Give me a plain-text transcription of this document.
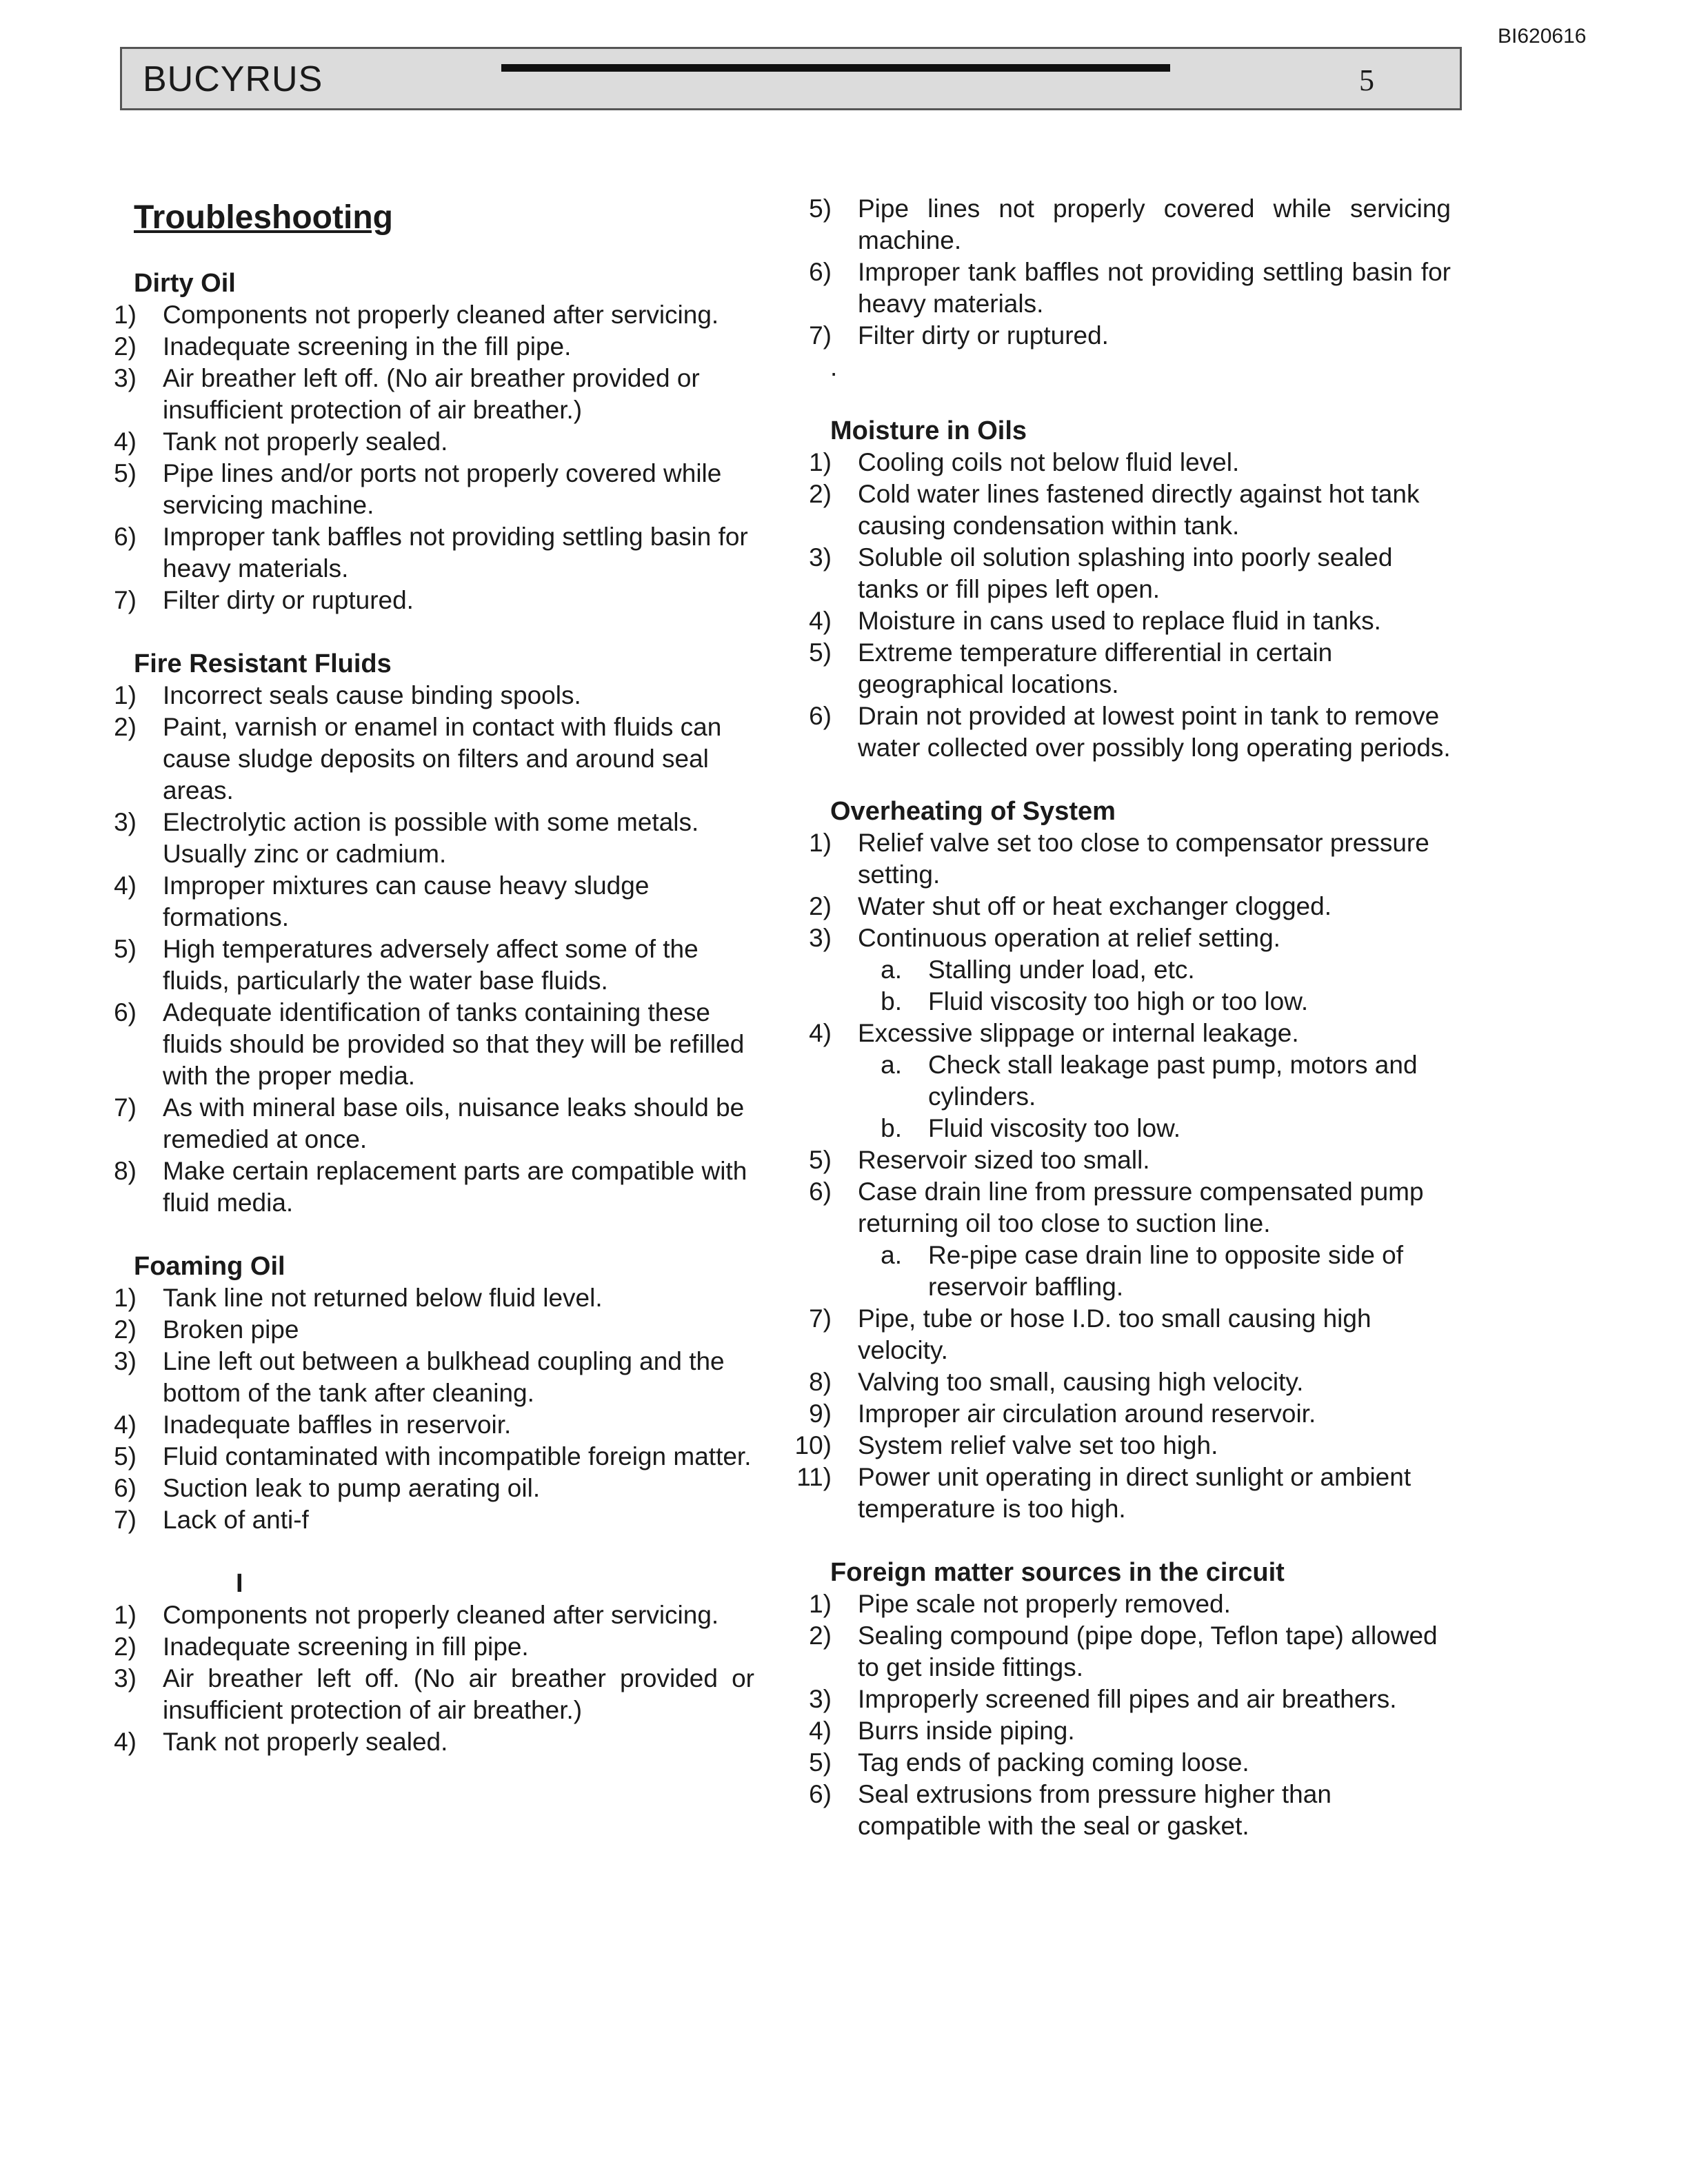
BI620616
BUCYRUS	5
Troubleshooting
Dirty Oil
1)	Components not properly cleaned after servicing.
2)	Inadequate screening in the fill pipe.
3)	Air breather left off. (No air breather provided or insufficient protection of air breather.)
4)	Tank not properly sealed.
5)	Pipe lines and/or ports not properly covered while servicing machine.
6)	Improper tank baffles not providing settling basin for heavy materials.
7)	Filter dirty or ruptured.
Fire Resistant Fluids
1)	Incorrect seals cause binding spools.
2)	Paint, varnish or enamel in contact with fluids can cause sludge deposits on filters and around seal areas.
3)	Electrolytic action is possible with some metals. Usually zinc or cadmium.
4)	Improper mixtures can cause heavy sludge formations.
5)	High temperatures adversely affect some of the fluids, particularly the water base fluids.
6)	Adequate identification of tanks containing these fluids should be provided so that they will be refilled with the proper media.
7)	As with mineral base oils, nuisance leaks should be remedied at once.
8)	Make certain replacement parts are compatible with fluid media.
Foaming Oil
1)	Tank line not returned below fluid level.
2)	Broken pipe
3)	Line left out between a bulkhead coupling and the bottom of the tank after cleaning.
4)	Inadequate baffles in reservoir.
5)	Fluid contaminated with incompatible foreign matter.
6)	Suction leak to pump aerating oil.
7)	Lack of anti-f
I
1)	Components not properly cleaned after servicing.
2)	Inadequate screening in fill pipe.
3)	Air breather left off. (No air breather provided or insufficient protection of air breather.)
4)	Tank not properly sealed.
5)	Pipe lines not properly covered while servicing machine.
6)	Improper tank baffles not providing settling basin for heavy materials.
7)	Filter dirty or ruptured.
.
Moisture in Oils
1)	Cooling coils not below fluid level.
2)	Cold water lines fastened directly against hot tank causing condensation within tank.
3)	Soluble oil solution splashing into poorly sealed tanks or fill pipes left open.
4)	Moisture in cans used to replace fluid in tanks.
5)	Extreme temperature differential in certain geographical locations.
6)	Drain not provided at lowest point in tank to remove water collected over possibly long operating periods.
Overheating of System
1)	Relief valve set too close to compensator pressure setting.
2)	Water shut off or heat exchanger clogged.
3)	Continuous operation at relief setting.
a.	Stalling under load, etc.
b.	Fluid viscosity too high or too low.
4)	Excessive slippage or internal leakage.
a.	Check stall leakage past pump, motors and cylinders.
b.	Fluid viscosity too low.
5)	Reservoir sized too small.
6)	Case drain line from pressure compensated pump returning oil too close to suction line.
a.	Re-pipe case drain line to opposite side of reservoir baffling.
7)	Pipe, tube or hose I.D. too small causing high velocity.
8)	Valving too small, causing high velocity.
9)	Improper air circulation around reservoir.
10)	System relief valve set too high.
11)	Power unit operating in direct sunlight or ambient temperature is too high.
Foreign matter sources in the circuit
1)	Pipe scale not properly removed.
2)	Sealing compound (pipe dope, Teflon tape) allowed to get inside fittings.
3)	Improperly screened fill pipes and air breathers.
4)	Burrs inside piping.
5)	Tag ends of packing coming loose.
6)	Seal extrusions from pressure higher than compatible with the seal or gasket.
